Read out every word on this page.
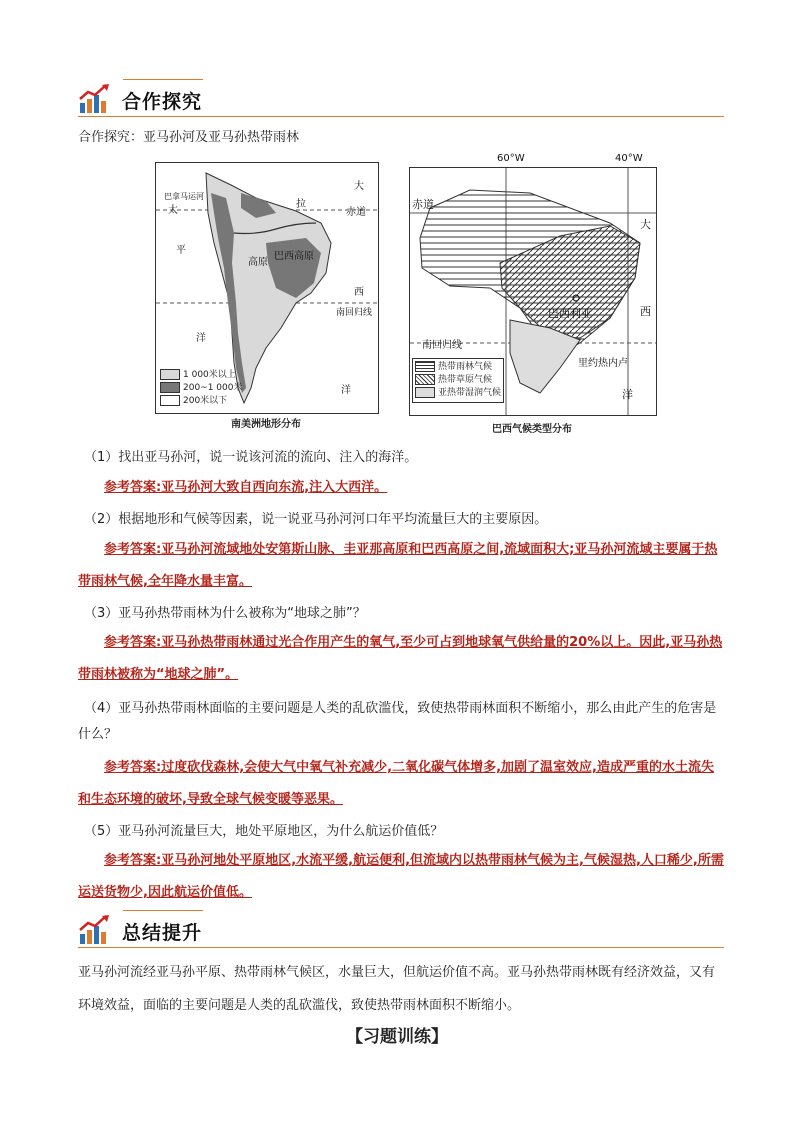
合作探究
合作探究：亚马孙河及亚马孙热带雨林
大
西
洋
赤道
太
平
洋
南回归线
巴拿马运河
高原
巴西高原
拉
1 000米以上
200~1 000米
200米以下
南美洲地形分布
60°W	40°W
赤道
大
西
洋
巴西利亚
南回归线
里约热内卢
热带雨林气候
热带草原气候
亚热带湿润气候
巴西气候类型分布
（1）找出亚马孙河，说一说该河流的流向、注入的海洋。
参考答案:亚马孙河大致自西向东流,注入大西洋。
（2）根据地形和气候等因素，说一说亚马孙河河口年平均流量巨大的主要原因。
参考答案:亚马孙河流域地处安第斯山脉、圭亚那高原和巴西高原之间,流域面积大;亚马孙河流域主要属于热带雨林气候,全年降水量丰富。
（3）亚马孙热带雨林为什么被称为“地球之肺”？
参考答案:亚马孙热带雨林通过光合作用产生的氧气,至少可占到地球氧气供给量的20%以上。因此,亚马孙热带雨林被称为“地球之肺”。
（4）亚马孙热带雨林面临的主要问题是人类的乱砍滥伐，致使热带雨林面积不断缩小，那么由此产生的危害是什么？
参考答案:过度砍伐森林,会使大气中氧气补充减少,二氧化碳气体增多,加剧了温室效应,造成严重的水土流失和生态环境的破坏,导致全球气候变暖等恶果。
（5）亚马孙河流量巨大，地处平原地区，为什么航运价值低？
参考答案:亚马孙河地处平原地区,水流平缓,航运便利,但流域内以热带雨林气候为主,气候湿热,人口稀少,所需运送货物少,因此航运价值低。
总结提升
亚马孙河流经亚马孙平原、热带雨林气候区，水量巨大，但航运价值不高。亚马孙热带雨林既有经济效益，又有环境效益，面临的主要问题是人类的乱砍滥伐，致使热带雨林面积不断缩小。
【习题训练】
